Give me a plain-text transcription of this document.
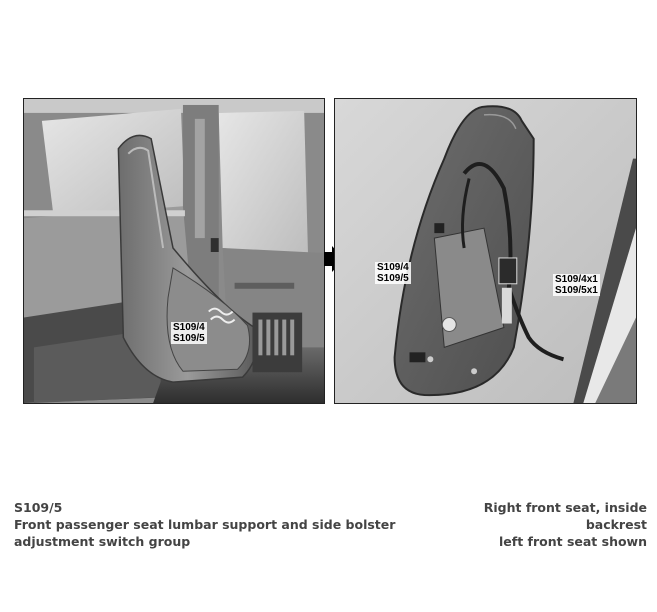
S109/4
S109/5
S109/4
S109/5	S109/4x1
S109/5x1
S109/5
Front passenger seat lumbar support and side bolster
adjustment switch group
Right front seat, inside
backrest
left front seat shown
